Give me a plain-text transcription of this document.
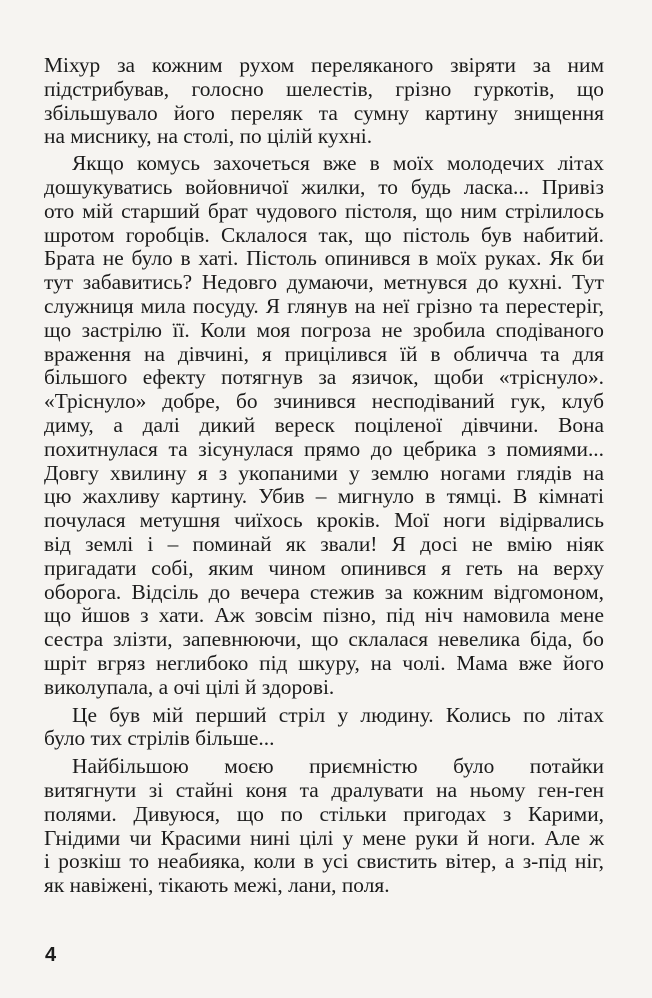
Міхур за кожним рухом переляканого звіряти за ним
підстрибував, голосно шелестів, грізно гуркотів, що
збільшувало його переляк та сумну картину знищення
на миснику, на столі, по цілій кухні.
Якщо комусь захочеться вже в моїх молодечих літах
дошукуватись войовничої жилки, то будь ласка... Привіз
ото мій старший брат чудового пістоля, що ним стрілилось
шротом горобців. Склалося так, що пістоль був набитий.
Брата не було в хаті. Пістоль опинився в моїх руках. Як би
тут забавитись? Недовго думаючи, метнувся до кухні. Тут
служниця мила посуду. Я глянув на неї грізно та перестеріг,
що застрілю її. Коли моя погроза не зробила сподіваного
враження на дівчині, я прицілився їй в обличча та для
більшого ефекту потягнув за язичок, щоби «тріснуло».
«Тріснуло» добре, бо зчинився несподіваний гук, клуб
диму, а далі дикий вереск поціленої дівчини. Вона
похитнулася та зісунулася прямо до цебрика з помиями...
Довгу хвилину я з укопаними у землю ногами глядів на
цю жахливу картину. Убив – мигнуло в тямці. В кімнаті
почулася метушня чиїхось кроків. Мої ноги відірвались
від землі і – поминай як звали! Я досі не вмію ніяк
пригадати собі, яким чином опинився я геть на верху
оборога. Відсіль до вечера стежив за кожним відгомоном,
що йшов з хати. Аж зовсім пізно, під ніч намовила мене
сестра злізти, запевнюючи, що склалася невелика біда, бо
шріт вгряз неглибоко під шкуру, на чолі. Мама вже його
виколупала, а очі цілі й здорові.
Це був мій перший стріл у людину. Колись по літах
було тих стрілів більше...
Найбільшою моєю приємністю було потайки
витягнути зі стайні коня та дралувати на ньому ген-ген
полями. Дивуюся, що по стільки пригодах з Карими,
Гнідими чи Красими нині цілі у мене руки й ноги. Але ж
і розкіш то неабияка, коли в усі свистить вітер, а з-під ніг,
як навіжені, тікають межі, лани, поля.
4
